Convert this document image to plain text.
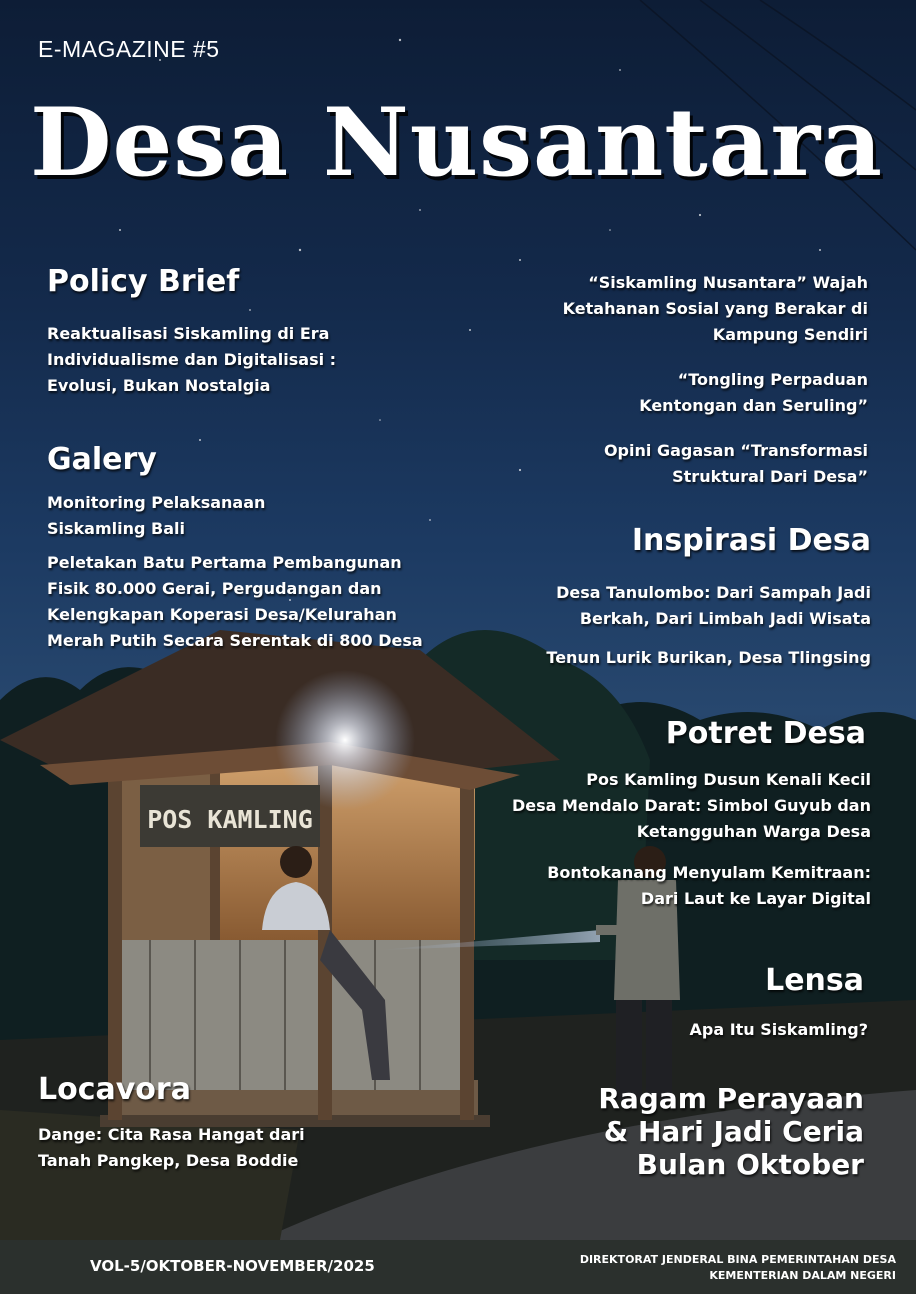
POS KAMLING
E-MAGAZINE #5
Desa Nusantara
Policy Brief
Reaktualisasi Siskamling di Era
Individualisme dan Digitalisasi :
Evolusi, Bukan Nostalgia
Galery
Monitoring Pelaksanaan
Siskamling Bali
Peletakan Batu Pertama Pembangunan
Fisik 80.000 Gerai, Pergudangan dan
Kelengkapan Koperasi Desa/Kelurahan
Merah Putih Secara Serentak di 800 Desa
Locavora
Dange: Cita Rasa Hangat dari
Tanah Pangkep, Desa Boddie
“Siskamling Nusantara” Wajah
Ketahanan Sosial yang Berakar di
Kampung Sendiri
“Tongling Perpaduan
Kentongan dan Seruling”
Opini Gagasan “Transformasi
Struktural Dari Desa”
Inspirasi Desa
Desa Tanulombo: Dari Sampah Jadi
Berkah, Dari Limbah Jadi Wisata
Tenun Lurik Burikan, Desa Tlingsing
Potret Desa
Pos Kamling Dusun Kenali Kecil
Desa Mendalo Darat: Simbol Guyub dan
Ketangguhan Warga Desa
Bontokanang Menyulam Kemitraan:
Dari Laut ke Layar Digital
Lensa
Apa Itu Siskamling?
Ragam Perayaan
& Hari Jadi Ceria
Bulan Oktober
VOL-5/OKTOBER-NOVEMBER/2025	DIREKTORAT JENDERAL BINA PEMERINTAHAN DESA
KEMENTERIAN DALAM NEGERI
